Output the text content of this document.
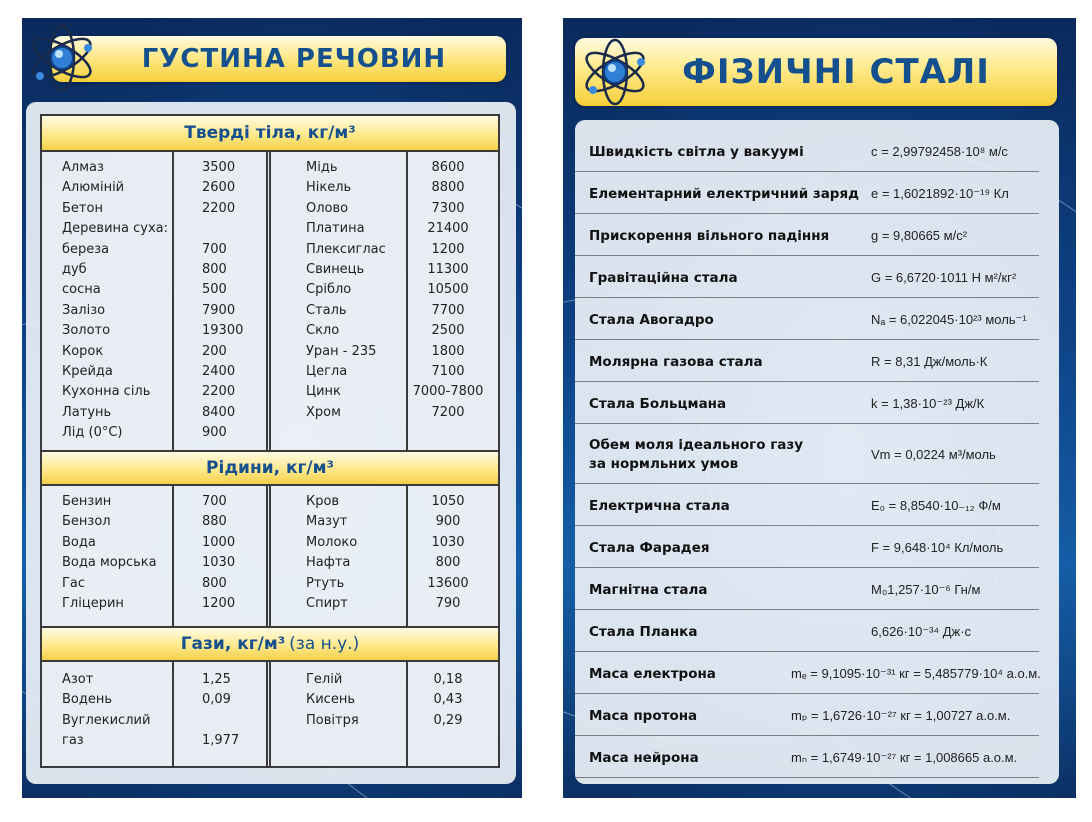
ГУСТИНА РЕЧОВИН
Тверді тіла, кг/м³
Алмаз	3500
Алюміній	2600
Бетон	2200
Деревина суха:
береза	700
дуб	800
сосна	500
Залізо	7900
Золото	19300
Корок	200
Крейда	2400
Кухонна сіль	2200
Латунь	8400
Лід (0°С)	900
Мідь	8600
Нікель	8800
Олово	7300
Платина	21400
Плексиглас	1200
Свинець	11300
Срібло	10500
Сталь	7700
Скло	2500
Уран - 235	1800
Цегла	7100
Цинк	7000-7800
Хром	7200
Рідини, кг/м³
Бензин	700
Бензол	880
Вода	1000
Вода морська	1030
Гас	800
Гліцерин	1200
Кров	1050
Мазут	900
Молоко	1030
Нафта	800
Ртуть	13600
Спирт	790
Гази, кг/м³ (за н.у.)
Азот	1,25
Водень	0,09
Вуглекислий
газ	1,977
Гелій	0,18
Кисень	0,43
Повітря	0,29
ФІЗИЧНІ СТАЛІ
Швидкість світла у вакуумі	c = 2,99792458·10⁸ м/с
Елементарний електричний заряд e = 1,6021892·10⁻¹⁹ Кл
Прискорення вільного падіння	g = 9,80665 м/с²
Гравітаційна стала	G = 6,6720·1011 Н м²/кг²
Стала Авогадро	Nₐ = 6,022045·10²³ моль⁻¹
Молярна газова стала	R = 8,31 Дж/моль·К
Стала Больцмана	k = 1,38·10⁻²³ Дж/К
Обем моля ідеального газу
за нормльних умов
Vm = 0,0224 м³/моль
Електрична стала	E₀ = 8,8540·10₋₁₂ Ф/м
Стала Фарадея	F = 9,648·10⁴ Кл/моль
Магнітна стала	M₀1,257·10⁻⁶ Гн/м
Стала Планка	6,626·10⁻³⁴ Дж·с
Маса електрона	mₑ = 9,1095·10⁻³¹ кг = 5,485779·10⁴ а.о.м.
Маса протона	mₚ = 1,6726·10⁻²⁷ кг = 1,00727 а.о.м.
Маса нейрона	mₙ = 1,6749·10⁻²⁷ кг = 1,008665 а.о.м.
